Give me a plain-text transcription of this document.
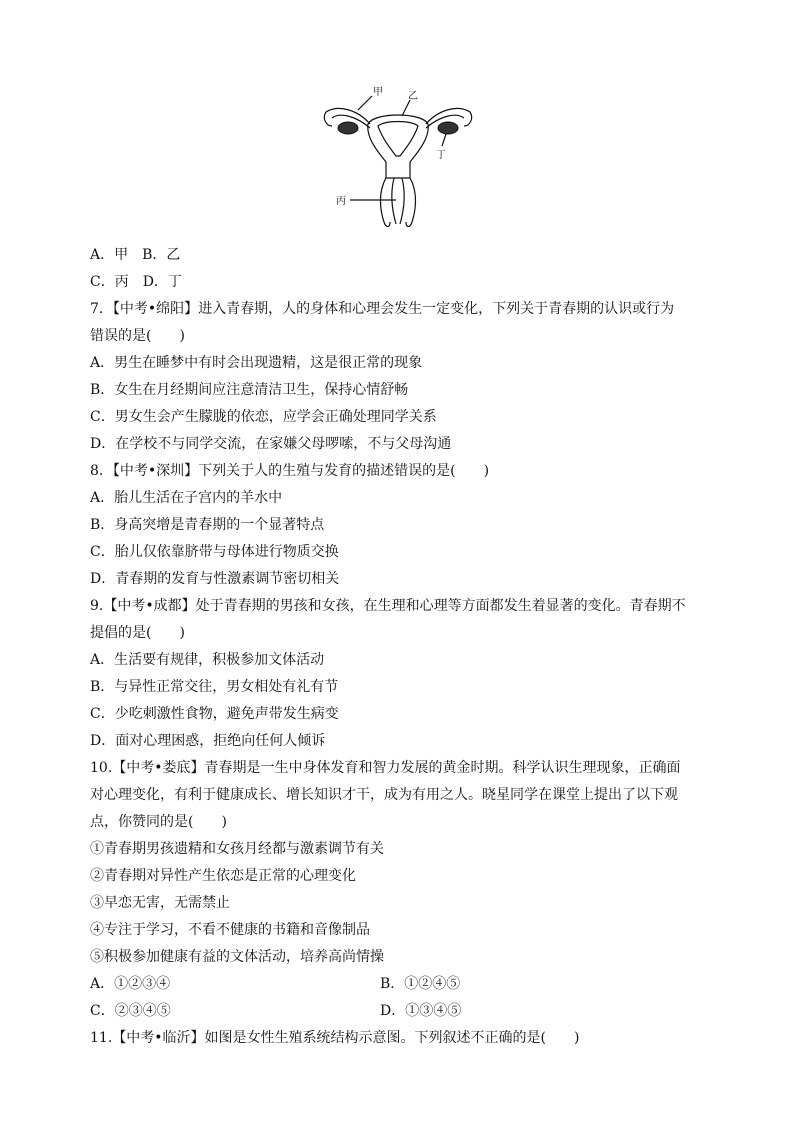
甲	乙
丁
丙
A．甲　B．乙
C．丙　D．丁
7．【中考•绵阳】进入青春期，人的身体和心理会发生一定变化，下列关于青春期的认识或行为
错误的是(　　)
A．男生在睡梦中有时会出现遗精，这是很正常的现象
B．女生在月经期间应注意清洁卫生，保持心情舒畅
C．男女生会产生朦胧的依恋，应学会正确处理同学关系
D．在学校不与同学交流，在家嫌父母啰嗦，不与父母沟通
8．【中考•深圳】下列关于人的生殖与发育的描述错误的是(　　)
A．胎儿生活在子宫内的羊水中
B．身高突增是青春期的一个显著特点
C．胎儿仅依靠脐带与母体进行物质交换
D．青春期的发育与性激素调节密切相关
9.【中考•成都】处于青春期的男孩和女孩，在生理和心理等方面都发生着显著的变化。青春期不
提倡的是(　　)
A．生活要有规律，积极参加文体活动
B．与异性正常交往，男女相处有礼有节
C．少吃刺激性食物，避免声带发生病变
D．面对心理困惑，拒绝向任何人倾诉
10.【中考•娄底】青春期是一生中身体发育和智力发展的黄金时期。科学认识生理现象，正确面
对心理变化，有利于健康成长、增长知识才干，成为有用之人。晓星同学在课堂上提出了以下观
点，你赞同的是(　　)
①青春期男孩遗精和女孩月经都与激素调节有关
②青春期对异性产生依恋是正常的心理变化
③早恋无害，无需禁止
④专注于学习，不看不健康的书籍和音像制品
⑤积极参加健康有益的文体活动，培养高尚情操
A．①②③④	B．①②④⑤
C．②③④⑤	D．①③④⑤
11.【中考•临沂】如图是女性生殖系统结构示意图。下列叙述不正确的是(　　)
